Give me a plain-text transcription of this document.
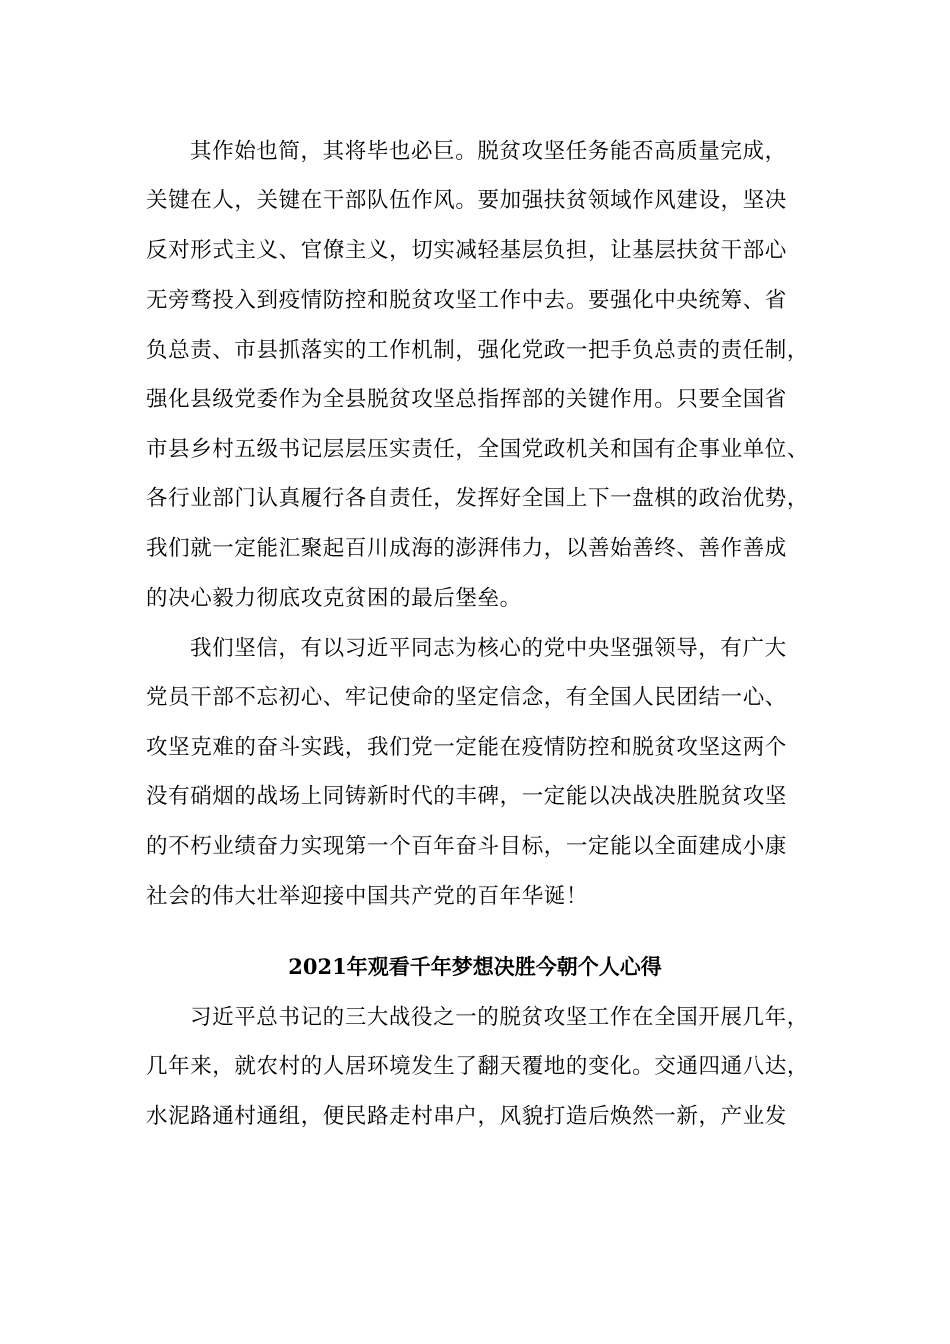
其作始也简，其将毕也必巨。脱贫攻坚任务能否高质量完成，
关键在人，关键在干部队伍作风。要加强扶贫领域作风建设，坚决
反对形式主义、官僚主义，切实减轻基层负担，让基层扶贫干部心
无旁骛投入到疫情防控和脱贫攻坚工作中去。要强化中央统筹、省
负总责、市县抓落实的工作机制，强化党政一把手负总责的责任制，
强化县级党委作为全县脱贫攻坚总指挥部的关键作用。只要全国省
市县乡村五级书记层层压实责任，全国党政机关和国有企事业单位、
各行业部门认真履行各自责任，发挥好全国上下一盘棋的政治优势，
我们就一定能汇聚起百川成海的澎湃伟力，以善始善终、善作善成
的决心毅力彻底攻克贫困的最后堡垒。
我们坚信，有以习近平同志为核心的党中央坚强领导，有广大
党员干部不忘初心、牢记使命的坚定信念，有全国人民团结一心、
攻坚克难的奋斗实践，我们党一定能在疫情防控和脱贫攻坚这两个
没有硝烟的战场上同铸新时代的丰碑，一定能以决战决胜脱贫攻坚
的不朽业绩奋力实现第一个百年奋斗目标，一定能以全面建成小康
社会的伟大壮举迎接中国共产党的百年华诞！
2021年观看千年梦想决胜今朝个人心得
习近平总书记的三大战役之一的脱贫攻坚工作在全国开展几年，
几年来，就农村的人居环境发生了翻天覆地的变化。交通四通八达，
水泥路通村通组，便民路走村串户，风貌打造后焕然一新，产业发
